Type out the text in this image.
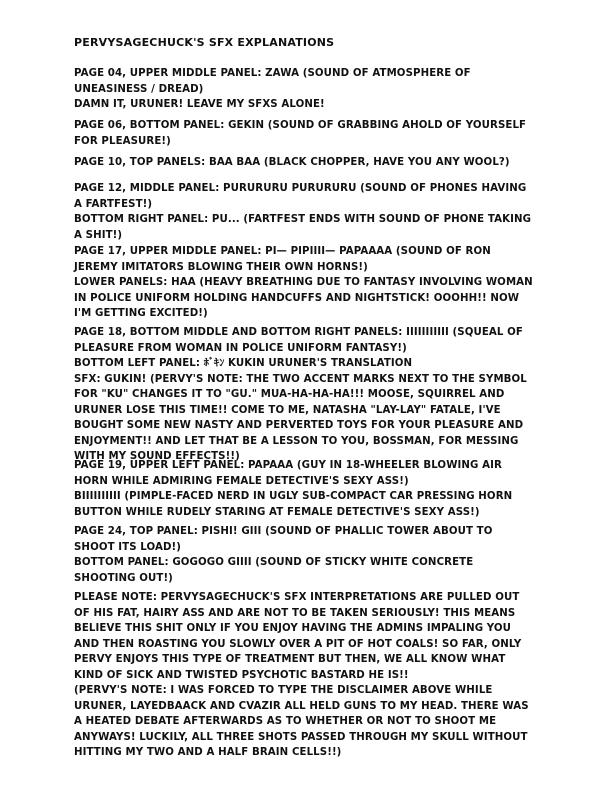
PERVYSAGECHUCK'S SFX EXPLANATIONS
PAGE 04, UPPER MIDDLE PANEL: ZAWA (SOUND OF ATMOSPHERE OF UNEASINESS / DREAD)
DAMN IT, URUNER! LEAVE MY SFXS ALONE!
PAGE 06, BOTTOM PANEL: GEKIN (SOUND OF GRABBING AHOLD OF YOURSELF FOR PLEASURE!)
PAGE 10, TOP PANELS: BAA BAA (BLACK CHOPPER, HAVE YOU ANY WOOL?)
PAGE 12, MIDDLE PANEL: PURURURU PURURURU (SOUND OF PHONES HAVING A FARTFEST!)
BOTTOM RIGHT PANEL: PU... (FARTFEST ENDS WITH SOUND OF PHONE TAKING A SHIT!)
PAGE 17, UPPER MIDDLE PANEL: PI— PIPIIII— PAPAAAA (SOUND OF RON JEREMY IMITATORS BLOWING THEIR OWN HORNS!)
LOWER PANELS: HAA (HEAVY BREATHING DUE TO FANTASY INVOLVING WOMAN IN POLICE UNIFORM HOLDING HANDCUFFS AND NIGHTSTICK! OOOHH!! NOW I'M GETTING EXCITED!)
PAGE 18, BOTTOM MIDDLE AND BOTTOM RIGHT PANELS: IIIIIIIIIII (SQUEAL OF PLEASURE FROM WOMAN IN POLICE UNIFORM FANTASY!)
BOTTOM LEFT PANEL: ﾎﾞｷﾝ KUKIN URUNER'S TRANSLATION
SFX: GUKIN! (PERVY'S NOTE: THE TWO ACCENT MARKS NEXT TO THE SYMBOL FOR "KU" CHANGES IT TO "GU." MUA-HA-HA-HA!!! MOOSE, SQUIRREL AND URUNER LOSE THIS TIME!! COME TO ME, NATASHA "LAY-LAY" FATALE, I'VE BOUGHT SOME NEW NASTY AND PERVERTED TOYS FOR YOUR PLEASURE AND ENJOYMENT!! AND LET THAT BE A LESSON TO YOU, BOSSMAN, FOR MESSING WITH MY SOUND EFFECTS!!)
PAGE 19, UPPER LEFT PANEL: PAPAAA (GUY IN 18-WHEELER BLOWING AIR HORN WHILE ADMIRING FEMALE DETECTIVE'S SEXY ASS!)
BIIIIIIIIII (PIMPLE-FACED NERD IN UGLY SUB-COMPACT CAR PRESSING HORN BUTTON WHILE RUDELY STARING AT FEMALE DETECTIVE'S SEXY ASS!)
PAGE 24, TOP PANEL: PISHI! GIII (SOUND OF PHALLIC TOWER ABOUT TO SHOOT ITS LOAD!)
BOTTOM PANEL: GOGOGO GIIII (SOUND OF STICKY WHITE CONCRETE SHOOTING OUT!)
PLEASE NOTE: PERVYSAGECHUCK'S SFX INTERPRETATIONS ARE PULLED OUT OF HIS FAT, HAIRY ASS AND ARE NOT TO BE TAKEN SERIOUSLY! THIS MEANS BELIEVE THIS SHIT ONLY IF YOU ENJOY HAVING THE ADMINS IMPALING YOU AND THEN ROASTING YOU SLOWLY OVER A PIT OF HOT COALS! SO FAR, ONLY PERVY ENJOYS THIS TYPE OF TREATMENT BUT THEN, WE ALL KNOW WHAT KIND OF SICK AND TWISTED PSYCHOTIC BASTARD HE IS!!
(PERVY'S NOTE: I WAS FORCED TO TYPE THE DISCLAIMER ABOVE WHILE URUNER, LAYEDBAACK AND CVAZIR ALL HELD GUNS TO MY HEAD. THERE WAS A HEATED DEBATE AFTERWARDS AS TO WHETHER OR NOT TO SHOOT ME ANYWAYS! LUCKILY, ALL THREE SHOTS PASSED THROUGH MY SKULL WITHOUT HITTING MY TWO AND A HALF BRAIN CELLS!!)
